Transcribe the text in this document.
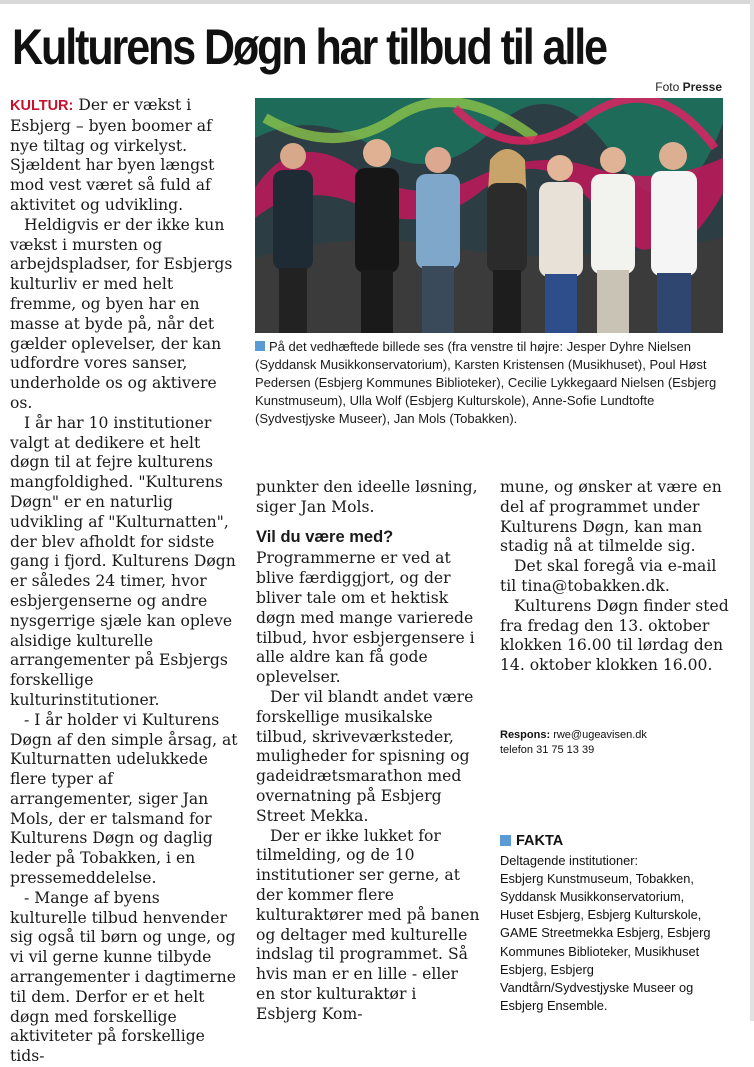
Kulturens Døgn har tilbud til alle
Foto Presse

KULTUR: Der er vækst i Esbjerg – byen boomer af nye tiltag og virkelyst. Sjældent har byen længst mod vest været så fuld af aktivitet og udvikling.

Heldigvis er der ikke kun vækst i mursten og arbejdspladser, for Esbjergs kulturliv er med helt fremme, og byen har en masse at byde på, når det gælder oplevelser, der kan udfordre vores sanser, underholde os og aktivere os.

I år har 10 institutioner valgt at dedikere et helt døgn til at fejre kulturens mangfoldighed. "Kulturens Døgn" er en naturlig udvikling af "Kulturnatten", der blev afholdt for sidste gang i fjord. Kulturens Døgn er således 24 timer, hvor esbjergenserne og andre nysgerrige sjæle kan opleve alsidige kulturelle arrangementer på Esbjergs forskellige kulturinstitutioner.

- I år holder vi Kulturens Døgn af den simple årsag, at Kulturnatten udelukkede flere typer af arrangementer, siger Jan Mols, der er talsmand for Kulturens Døgn og daglig leder på Tobakken, i en pressemeddelelse.

- Mange af byens kulturelle tilbud henvender sig også til børn og unge, og vi vil gerne kunne tilbyde arrangementer i dagtimerne til dem. Derfor er et helt døgn med forskellige aktiviteter på forskellige tids-

På det vedhæftede billede ses (fra venstre til højre: Jesper Dyhre Nielsen (Syddansk Musikkonservatorium), Karsten Kristensen (Musikhuset), Poul Høst Pedersen (Esbjerg Kommunes Biblioteker), Cecilie Lykkegaard Nielsen (Esbjerg Kunstmuseum), Ulla Wolf (Esbjerg Kulturskole), Anne-Sofie Lundtofte (Sydvestjyske Museer), Jan Mols (Tobakken).

punkter den ideelle løsning, siger Jan Mols.

Vil du være med?

Programmerne er ved at blive færdiggjort, og der bliver tale om et hektisk døgn med mange varierede tilbud, hvor esbjergensere i alle aldre kan få gode oplevelser.

Der vil blandt andet være forskellige musikalske tilbud, skriveværksteder, muligheder for spisning og gadeidrætsmarathon med overnatning på Esbjerg Street Mekka.

Der er ikke lukket for tilmelding, og de 10 institutioner ser gerne, at der kommer flere kulturaktører med på banen og deltager med kulturelle indslag til programmet. Så hvis man er en lille - eller en stor kulturaktør i Esbjerg Kom-

mune, og ønsker at være en del af programmet under Kulturens Døgn, kan man stadig nå at tilmelde sig.

Det skal foregå via e-mail til tina@tobakken.dk.

Kulturens Døgn finder sted fra fredag den 13. oktober klokken 16.00 til lørdag den 14. oktober klokken 16.00.

Respons: rwe@ugeavisen.dk
telefon 31 75 13 39
FAKTA
Deltagende institutioner:
Esbjerg Kunstmuseum, Tobakken, Syddansk Musikkonservatorium, Huset Esbjerg, Esbjerg Kulturskole, GAME Streetmekka Esbjerg, Esbjerg Kommunes Biblioteker, Musikhuset Esbjerg, Esbjerg Vandtårn/Sydvestjyske Museer og Esbjerg Ensemble.
